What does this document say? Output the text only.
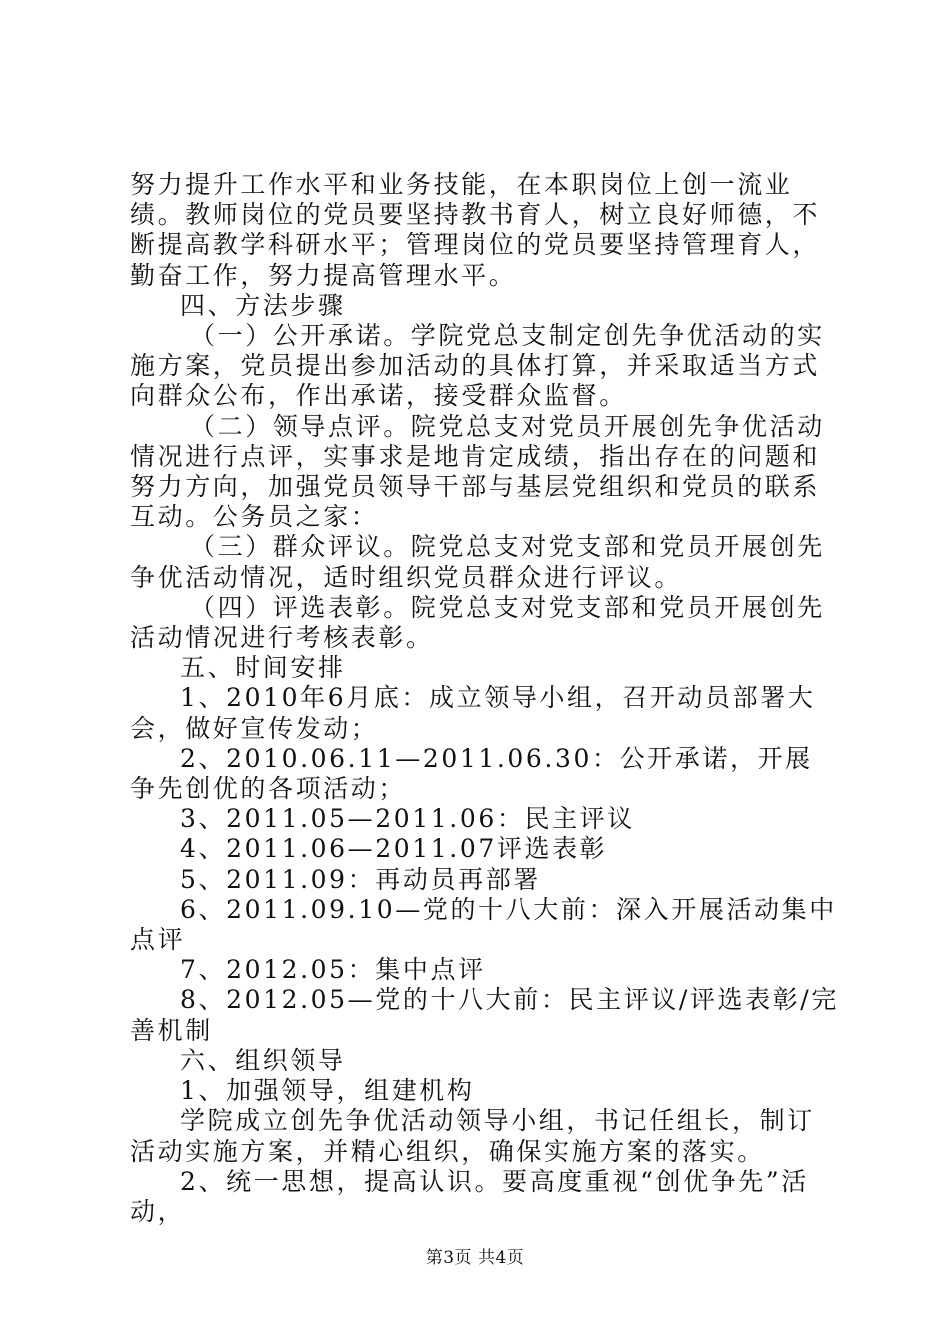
努力提升工作水平和业务技能，在本职岗位上创一流业绩。教师岗位的党员要坚持教书育人，树立良好师德，不断提高教学科研水平；管理岗位的党员要坚持管理育人，勤奋工作，努力提高管理水平。

四、方法步骤

（一）公开承诺。学院党总支制定创先争优活动的实施方案，党员提出参加活动的具体打算，并采取适当方式向群众公布，作出承诺，接受群众监督。

（二）领导点评。院党总支对党员开展创先争优活动情况进行点评，实事求是地肯定成绩，指出存在的问题和努力方向，加强党员领导干部与基层党组织和党员的联系互动。公务员之家：

（三）群众评议。院党总支对党支部和党员开展创先争优活动情况，适时组织党员群众进行评议。

（四）评选表彰。院党总支对党支部和党员开展创先活动情况进行考核表彰。

五、时间安排

1、2010年6月底：成立领导小组，召开动员部署大会，做好宣传发动；

2、2010.06.11—2011.06.30：公开承诺，开展争先创优的各项活动；

3、2011.05—2011.06：民主评议

4、2011.06—2011.07评选表彰

5、2011.09：再动员再部署

6、2011.09.10—党的十八大前：深入开展活动集中点评

7、2012.05：集中点评

8、2012.05—党的十八大前：民主评议/评选表彰/完善机制

六、组织领导

1、加强领导，组建机构

学院成立创先争优活动领导小组，书记任组长，制订活动实施方案，并精心组织，确保实施方案的落实。

2、统一思想，提高认识。要高度重视“创优争先”活动，

第3页 共4页
